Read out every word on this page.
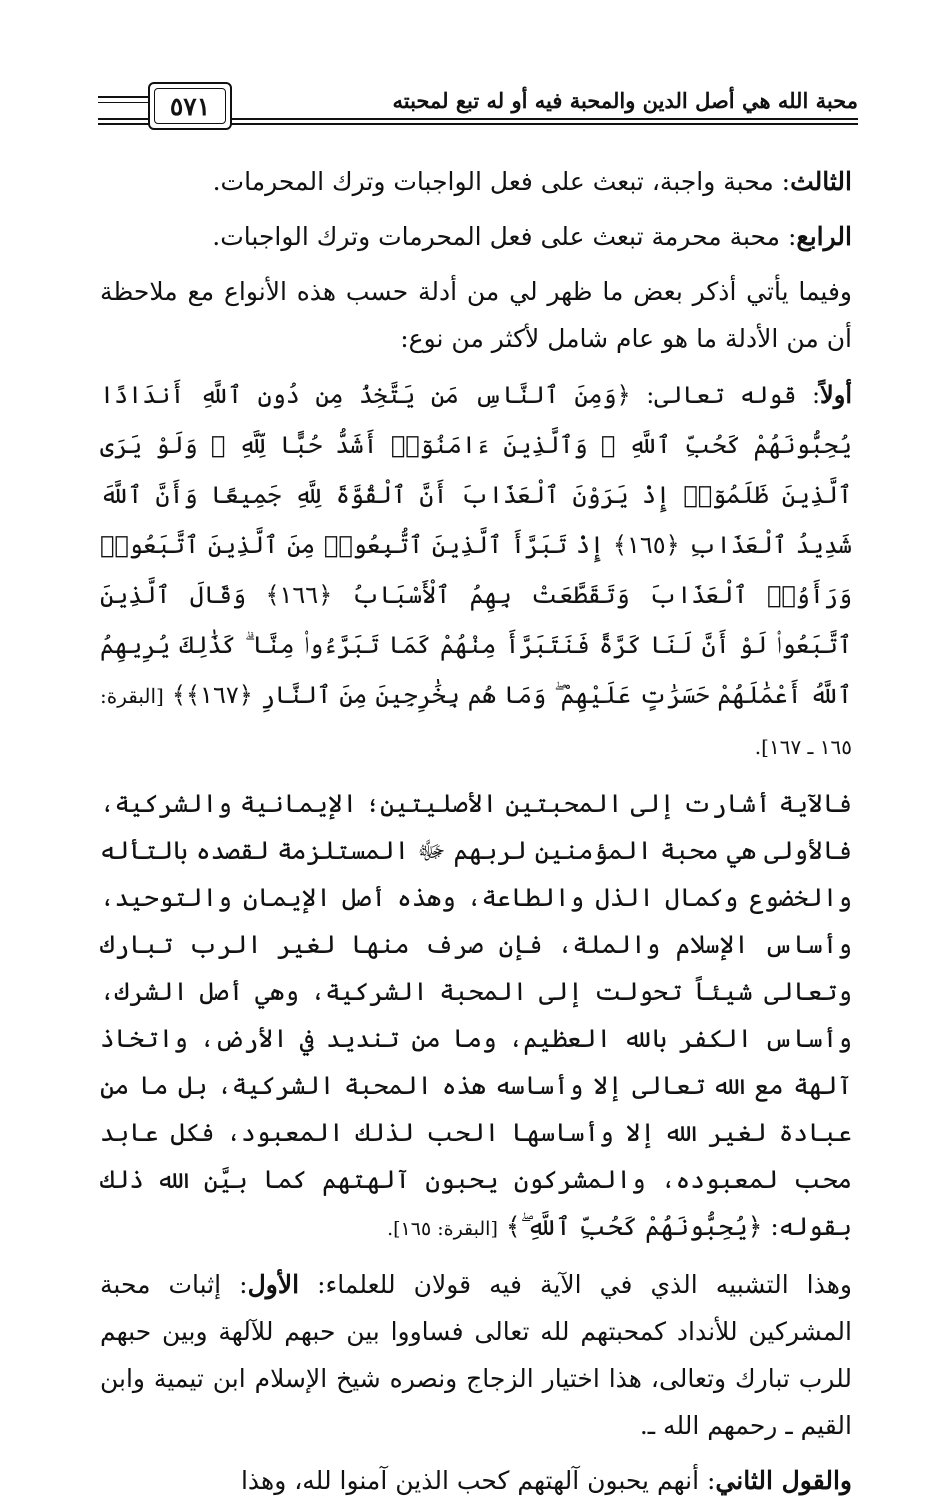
محبة الله هي أصل الدين والمحبة فيه أو له تبع لمحبته
٥٧١

الثالث: محبة واجبة، تبعث على فعل الواجبات وترك المحرمات.

الرابع: محبة محرمة تبعث على فعل المحرمات وترك الواجبات.

وفيما يأتي أذكر بعض ما ظهر لي من أدلة حسب هذه الأنواع مع ملاحظة أن من الأدلة ما هو عام شامل لأكثر من نوع:

أولاً: قوله تعالى: ﴿وَمِنَ ٱلنَّاسِ مَن يَتَّخِذُ مِن دُونِ ٱللَّهِ أَندَادًا يُحِبُّونَهُمْ كَحُبِّ ٱللَّهِ ۖ وَٱلَّذِينَ ءَامَنُوٓا۟ أَشَدُّ حُبًّا لِّلَّهِ ۗ وَلَوْ يَرَى ٱلَّذِينَ ظَلَمُوٓا۟ إِذْ يَرَوْنَ ٱلْعَذَابَ أَنَّ ٱلْقُوَّةَ لِلَّهِ جَمِيعًا وَأَنَّ ٱللَّهَ شَدِيدُ ٱلْعَذَابِ ﴿١٦٥﴾ إِذْ تَبَرَّأَ ٱلَّذِينَ ٱتُّبِعُوا۟ مِنَ ٱلَّذِينَ ٱتَّبَعُوا۟ وَرَأَوُا۟ ٱلْعَذَابَ وَتَقَطَّعَتْ بِهِمُ ٱلْأَسْبَابُ ﴿١٦٦﴾ وَقَالَ ٱلَّذِينَ ٱتَّبَعُوا۟ لَوْ أَنَّ لَنَا كَرَّةً فَنَتَبَرَّأَ مِنْهُمْ كَمَا تَبَرَّءُوا۟ مِنَّا ۗ كَذَٰلِكَ يُرِيهِمُ ٱللَّهُ أَعْمَٰلَهُمْ حَسَرَٰتٍ عَلَيْهِمْ ۖ وَمَا هُم بِخَٰرِجِينَ مِنَ ٱلنَّارِ ﴿١٦٧﴾﴾ [البقرة: ١٦٥ ـ ١٦٧].

فالآية أشارت إلى المحبتين الأصليتين؛ الإيمانية والشركية، فالأولى هي محبة المؤمنين لربهم ﷻ المستلزمة لقصده بالتأله والخضوع وكمال الذل والطاعة، وهذه أصل الإيمان والتوحيد، وأساس الإسلام والملة، فإن صرف منها لغير الرب تبارك وتعالى شيئاً تحولت إلى المحبة الشركية، وهي أصل الشرك، وأساس الكفر بالله العظيم، وما من تنديد في الأرض، واتخاذ آلهة مع الله تعالى إلا وأساسه هذه المحبة الشركية، بل ما من عبادة لغير الله إلا وأساسها الحب لذلك المعبود، فكل عابد محب لمعبوده، والمشركون يحبون آلهتهم كما بيَّن الله ذلك بقوله: ﴿يُحِبُّونَهُمْ كَحُبِّ ٱللَّهِ ۖ﴾ [البقرة: ١٦٥].

وهذا التشبيه الذي في الآية فيه قولان للعلماء: الأول: إثبات محبة المشركين للأنداد كمحبتهم لله تعالى فساووا بين حبهم للآلهة وبين حبهم للرب تبارك وتعالى، هذا اختيار الزجاج ونصره شيخ الإسلام ابن تيمية وابن القيم ـ رحمهم الله ـ.

والقول الثاني: أنهم يحبون آلهتهم كحب الذين آمنوا لله، وهذا
